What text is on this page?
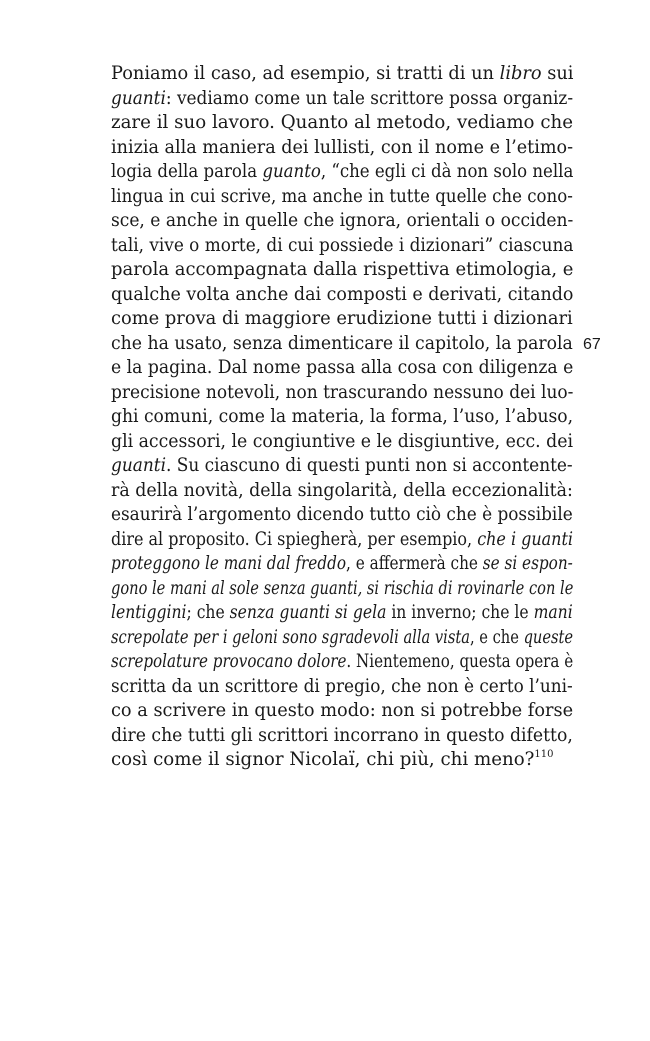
Poniamo il caso, ad esempio, si tratti di un libro sui
guanti: vediamo come un tale scrittore possa organiz-
zare il suo lavoro. Quanto al metodo, vediamo che
inizia alla maniera dei lullisti, con il nome e l’etimo-
logia della parola guanto, “che egli ci dà non solo nella
lingua in cui scrive, ma anche in tutte quelle che cono-
sce, e anche in quelle che ignora, orientali o occiden-
tali, vive o morte, di cui possiede i dizionari” ciascuna
parola accompagnata dalla rispettiva etimologia, e
qualche volta anche dai composti e derivati, citando
come prova di maggiore erudizione tutti i dizionari
che ha usato, senza dimenticare il capitolo, la parola
e la pagina. Dal nome passa alla cosa con diligenza e
precisione notevoli, non trascurando nessuno dei luo-
ghi comuni, come la materia, la forma, l’uso, l’abuso,
gli accessori, le congiuntive e le disgiuntive, ecc. dei
guanti. Su ciascuno di questi punti non si accontente-
rà della novità, della singolarità, della eccezionalità:
esaurirà l’argomento dicendo tutto ciò che è possibile
dire al proposito. Ci spiegherà, per esempio, che i guanti
proteggono le mani dal freddo, e affermerà che se si espon-
gono le mani al sole senza guanti, si rischia di rovinarle con le
lentiggini; che senza guanti si gela in inverno; che le mani
screpolate per i geloni sono sgradevoli alla vista, e che queste
screpolature provocano dolore. Nientemeno, questa opera è
scritta da un scrittore di pregio, che non è certo l’uni-
co a scrivere in questo modo: non si potrebbe forse
dire che tutti gli scrittori incorrano in questo difetto,
così come il signor Nicolaï, chi più, chi meno?$^{110}$
67
